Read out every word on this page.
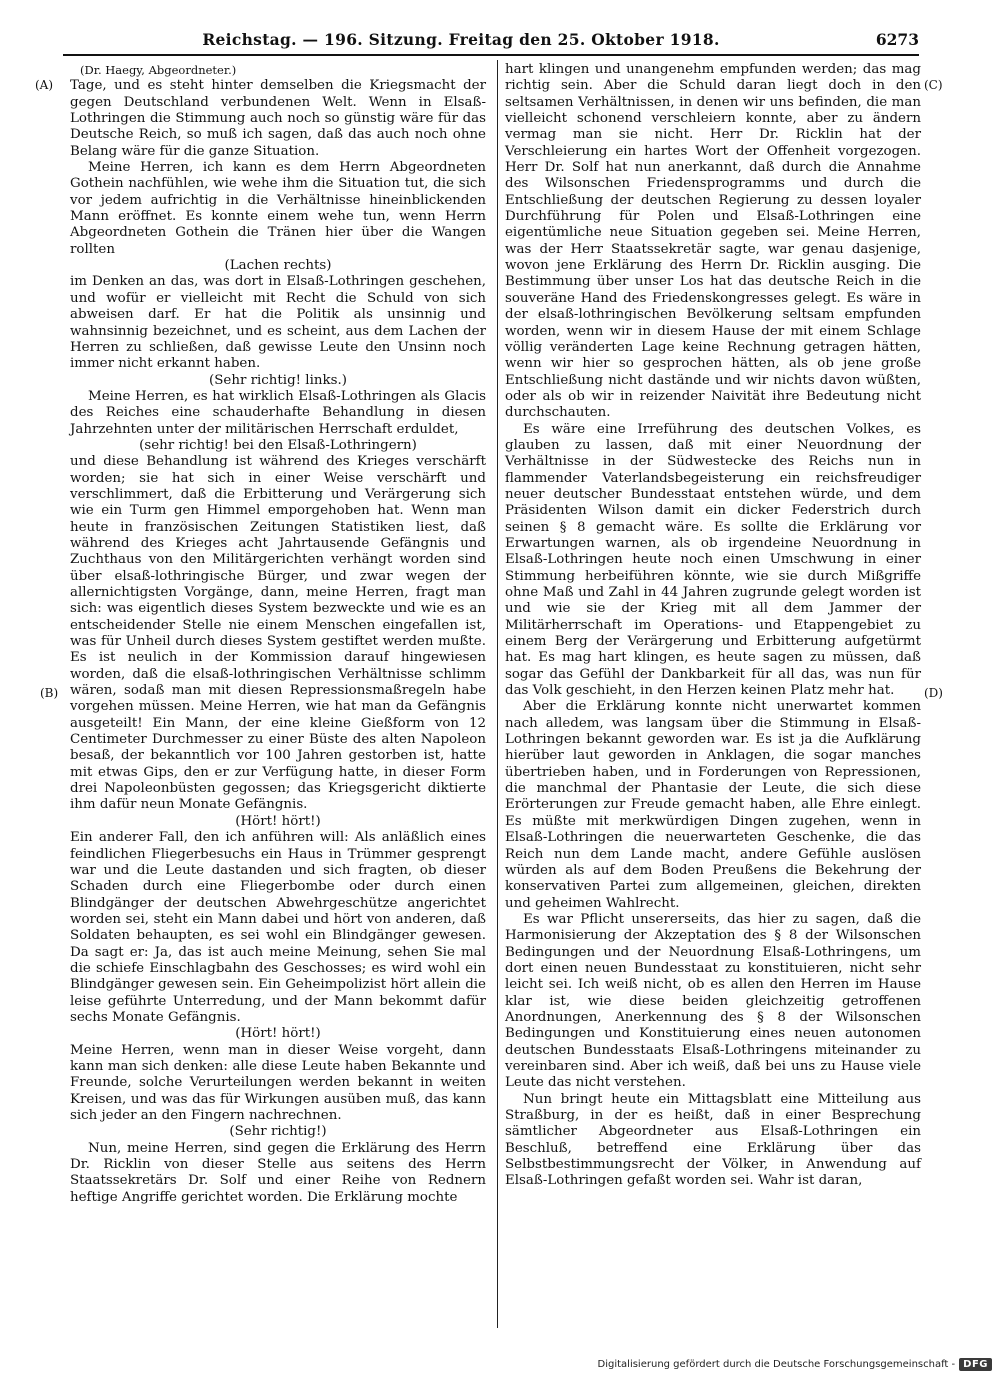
Reichstag. — 196. Sitzung. Freitag den 25. Oktober 1918.	6273
(A)
(B)
(C)
(D)

(Dr. Haegy, Abgeordneter.)

Tage, und es steht hinter demselben die Kriegsmacht der gegen Deutschland verbundenen Welt. Wenn in Elsaß-Lothringen die Stimmung auch noch so günstig wäre für das Deutsche Reich, so muß ich sagen, daß das auch noch ohne Belang wäre für die ganze Situation.

Meine Herren, ich kann es dem Herrn Abgeordneten Gothein nachfühlen, wie wehe ihm die Situation tut, die sich vor jedem aufrichtig in die Verhältnisse hineinblickenden Mann eröffnet. Es konnte einem wehe tun, wenn Herrn Abgeordneten Gothein die Tränen hier über die Wangen rollten

(Lachen rechts)

im Denken an das, was dort in Elsaß-Lothringen geschehen, und wofür er vielleicht mit Recht die Schuld von sich abweisen darf. Er hat die Politik als unsinnig und wahnsinnig bezeichnet, und es scheint, aus dem Lachen der Herren zu schließen, daß gewisse Leute den Unsinn noch immer nicht erkannt haben.

(Sehr richtig! links.)

Meine Herren, es hat wirklich Elsaß-Lothringen als Glacis des Reiches eine schauderhafte Behandlung in diesen Jahrzehnten unter der militärischen Herrschaft erduldet,

(sehr richtig! bei den Elsaß-Lothringern)

und diese Behandlung ist während des Krieges verschärft worden; sie hat sich in einer Weise verschärft und verschlimmert, daß die Erbitterung und Verärgerung sich wie ein Turm gen Himmel emporgehoben hat. Wenn man heute in französischen Zeitungen Statistiken liest, daß während des Krieges acht Jahrtausende Gefängnis und Zuchthaus von den Militärgerichten verhängt worden sind über elsaß-lothringische Bürger, und zwar wegen der allernichtigsten Vorgänge, dann, meine Herren, fragt man sich: was eigentlich dieses System bezweckte und wie es an entscheidender Stelle nie einem Menschen eingefallen ist, was für Unheil durch dieses System gestiftet werden mußte. Es ist neulich in der Kommission darauf hingewiesen worden, daß die elsaß-lothringischen Verhältnisse schlimm wären, sodaß man mit diesen Repressionsmaßregeln habe vorgehen müssen. Meine Herren, wie hat man da Gefängnis ausgeteilt! Ein Mann, der eine kleine Gießform von 12 Centimeter Durchmesser zu einer Büste des alten Napoleon besaß, der bekanntlich vor 100 Jahren gestorben ist, hatte mit etwas Gips, den er zur Verfügung hatte, in dieser Form drei Napoleonbüsten gegossen; das Kriegsgericht diktierte ihm dafür neun Monate Gefängnis.

(Hört! hört!)

Ein anderer Fall, den ich anführen will: Als anläßlich eines feindlichen Fliegerbesuchs ein Haus in Trümmer gesprengt war und die Leute dastanden und sich fragten, ob dieser Schaden durch eine Fliegerbombe oder durch einen Blindgänger der deutschen Abwehrgeschütze angerichtet worden sei, steht ein Mann dabei und hört von anderen, daß Soldaten behaupten, es sei wohl ein Blindgänger gewesen. Da sagt er: Ja, das ist auch meine Meinung, sehen Sie mal die schiefe Einschlagbahn des Geschosses; es wird wohl ein Blindgänger gewesen sein. Ein Geheimpolizist hört allein die leise geführte Unterredung, und der Mann bekommt dafür sechs Monate Gefängnis.

(Hört! hört!)

Meine Herren, wenn man in dieser Weise vorgeht, dann kann man sich denken: alle diese Leute haben Bekannte und Freunde, solche Verurteilungen werden bekannt in weiten Kreisen, und was das für Wirkungen ausüben muß, das kann sich jeder an den Fingern nachrechnen.

(Sehr richtig!)

Nun, meine Herren, sind gegen die Erklärung des Herrn Dr. Ricklin von dieser Stelle aus seitens des Herrn Staatssekretärs Dr. Solf und einer Reihe von Rednern heftige Angriffe gerichtet worden. Die Erklärung mochte

hart klingen und unangenehm empfunden werden; das mag richtig sein. Aber die Schuld daran liegt doch in den seltsamen Verhältnissen, in denen wir uns befinden, die man vielleicht schonend verschleiern konnte, aber zu ändern vermag man sie nicht. Herr Dr. Ricklin hat der Verschleierung ein hartes Wort der Offenheit vorgezogen. Herr Dr. Solf hat nun anerkannt, daß durch die Annahme des Wilsonschen Friedensprogramms und durch die Entschließung der deutschen Regierung zu dessen loyaler Durchführung für Polen und Elsaß-Lothringen eine eigentümliche neue Situation gegeben sei. Meine Herren, was der Herr Staatssekretär sagte, war genau dasjenige, wovon jene Erklärung des Herrn Dr. Ricklin ausging. Die Bestimmung über unser Los hat das deutsche Reich in die souveräne Hand des Friedenskongresses gelegt. Es wäre in der elsaß-lothringischen Bevölkerung seltsam empfunden worden, wenn wir in diesem Hause der mit einem Schlage völlig veränderten Lage keine Rechnung getragen hätten, wenn wir hier so gesprochen hätten, als ob jene große Entschließung nicht dastände und wir nichts davon wüßten, oder als ob wir in reizender Naivität ihre Bedeutung nicht durchschauten.

Es wäre eine Irreführung des deutschen Volkes, es glauben zu lassen, daß mit einer Neuordnung der Verhältnisse in der Südwestecke des Reichs nun in flammender Vaterlandsbegeisterung ein reichsfreudiger neuer deutscher Bundesstaat entstehen würde, und dem Präsidenten Wilson damit ein dicker Federstrich durch seinen § 8 gemacht wäre. Es sollte die Erklärung vor Erwartungen warnen, als ob irgendeine Neuordnung in Elsaß-Lothringen heute noch einen Umschwung in einer Stimmung herbeiführen könnte, wie sie durch Mißgriffe ohne Maß und Zahl in 44 Jahren zugrunde gelegt worden ist und wie sie der Krieg mit all dem Jammer der Militärherrschaft im Operations- und Etappengebiet zu einem Berg der Verärgerung und Erbitterung aufgetürmt hat. Es mag hart klingen, es heute sagen zu müssen, daß sogar das Gefühl der Dankbarkeit für all das, was nun für das Volk geschieht, in den Herzen keinen Platz mehr hat.

Aber die Erklärung konnte nicht unerwartet kommen nach alledem, was langsam über die Stimmung in Elsaß-Lothringen bekannt geworden war. Es ist ja die Aufklärung hierüber laut geworden in Anklagen, die sogar manches übertrieben haben, und in Forderungen von Repressionen, die manchmal der Phantasie der Leute, die sich diese Erörterungen zur Freude gemacht haben, alle Ehre einlegt. Es müßte mit merkwürdigen Dingen zugehen, wenn in Elsaß-Lothringen die neuerwarteten Geschenke, die das Reich nun dem Lande macht, andere Gefühle auslösen würden als auf dem Boden Preußens die Bekehrung der konservativen Partei zum allgemeinen, gleichen, direkten und geheimen Wahlrecht.

Es war Pflicht unsererseits, das hier zu sagen, daß die Harmonisierung der Akzeptation des § 8 der Wilsonschen Bedingungen und der Neuordnung Elsaß-Lothringens, um dort einen neuen Bundesstaat zu konstituieren, nicht sehr leicht sei. Ich weiß nicht, ob es allen den Herren im Hause klar ist, wie diese beiden gleichzeitig getroffenen Anordnungen, Anerkennung des § 8 der Wilsonschen Bedingungen und Konstituierung eines neuen autonomen deutschen Bundesstaats Elsaß-Lothringens miteinander zu vereinbaren sind. Aber ich weiß, daß bei uns zu Hause viele Leute das nicht verstehen.

Nun bringt heute ein Mittagsblatt eine Mitteilung aus Straßburg, in der es heißt, daß in einer Besprechung sämtlicher Abgeordneter aus Elsaß-Lothringen ein Beschluß, betreffend eine Erklärung über das Selbstbestimmungsrecht der Völker, in Anwendung auf Elsaß-Lothringen gefaßt worden sei. Wahr ist daran,

Digitalisierung gefördert durch die Deutsche Forschungsgemeinschaft - DFG
